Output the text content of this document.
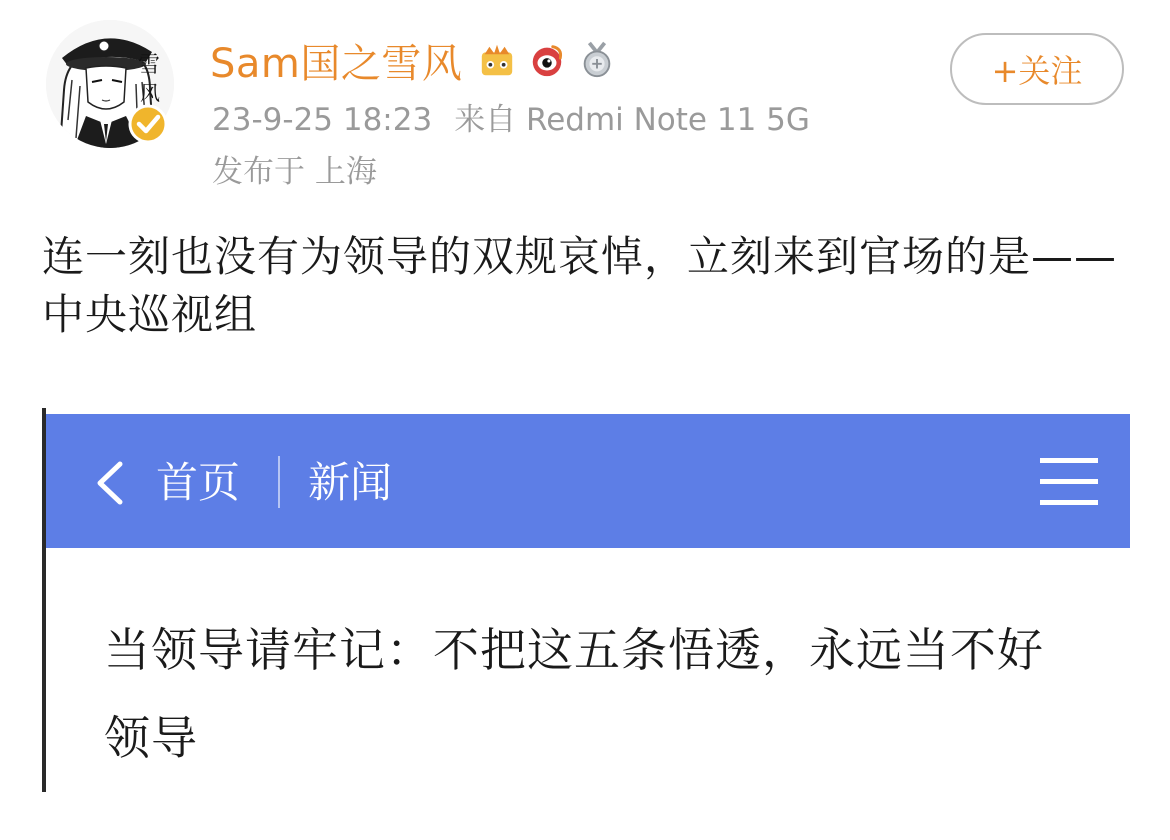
雪
风
Sam国之雪风
23-9-25 18:23 来自 Redmi Note 11 5G
发布于 上海
+关注
连一刻也没有为领导的双规哀悼，立刻来到官场的是——中央巡视组
首页 新闻
当领导请牢记：不把这五条悟透，永远当不好领导
